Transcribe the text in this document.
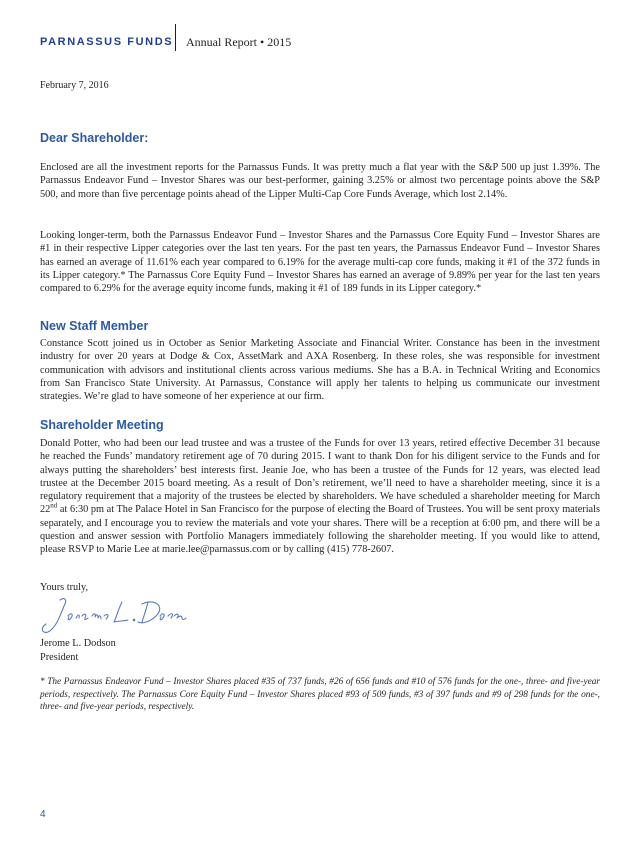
PARNASSUS FUNDS Annual Report • 2015
February 7, 2016
Dear Shareholder:

Enclosed are all the investment reports for the Parnassus Funds. It was pretty much a flat year with the S&P 500 up just 1.39%. The Parnassus Endeavor Fund – Investor Shares was our best-performer, gaining 3.25% or almost two percentage points above the S&P 500, and more than five percentage points ahead of the Lipper Multi-Cap Core Funds Average, which lost 2.14%.

Looking longer-term, both the Parnassus Endeavor Fund – Investor Shares and the Parnassus Core Equity Fund – Investor Shares are #1 in their respective Lipper categories over the last ten years. For the past ten years, the Parnassus Endeavor Fund – Investor Shares has earned an average of 11.61% each year compared to 6.19% for the average multi-cap core funds, making it #1 of the 372 funds in its Lipper category.* The Parnassus Core Equity Fund – Investor Shares has earned an average of 9.89% per year for the last ten years compared to 6.29% for the average equity income funds, making it #1 of 189 funds in its Lipper category.*

New Staff Member

Constance Scott joined us in October as Senior Marketing Associate and Financial Writer. Constance has been in the investment industry for over 20 years at Dodge & Cox, AssetMark and AXA Rosenberg. In these roles, she was responsible for investment communication with advisors and institutional clients across various mediums. She has a B.A. in Technical Writing and Economics from San Francisco State University. At Parnassus, Constance will apply her talents to helping us communicate our investment strategies. We’re glad to have someone of her experience at our firm.

Shareholder Meeting

Donald Potter, who had been our lead trustee and was a trustee of the Funds for over 13 years, retired effective December 31 because he reached the Funds’ mandatory retirement age of 70 during 2015. I want to thank Don for his diligent service to the Funds and for always putting the shareholders’ best interests first. Jeanie Joe, who has been a trustee of the Funds for 12 years, was elected lead trustee at the December 2015 board meeting. As a result of Don’s retirement, we’ll need to have a shareholder meeting, since it is a regulatory requirement that a majority of the trustees be elected by shareholders. We have scheduled a shareholder meeting for March 22nd at 6:30 pm at The Palace Hotel in San Francisco for the purpose of electing the Board of Trustees. You will be sent proxy materials separately, and I encourage you to review the materials and vote your shares. There will be a reception at 6:00 pm, and there will be a question and answer session with Portfolio Managers immediately following the shareholder meeting. If you would like to attend, please RSVP to Marie Lee at marie.lee@parnassus.com or by calling (415) 778-2607.

Yours truly,
Jerome L. Dodson
President

* The Parnassus Endeavor Fund – Investor Shares placed #35 of 737 funds, #26 of 656 funds and #10 of 576 funds for the one-, three- and five-year periods, respectively. The Parnassus Core Equity Fund – Investor Shares placed #93 of 509 funds, #3 of 397 funds and #9 of 298 funds for the one-, three- and five-year periods, respectively.

4
